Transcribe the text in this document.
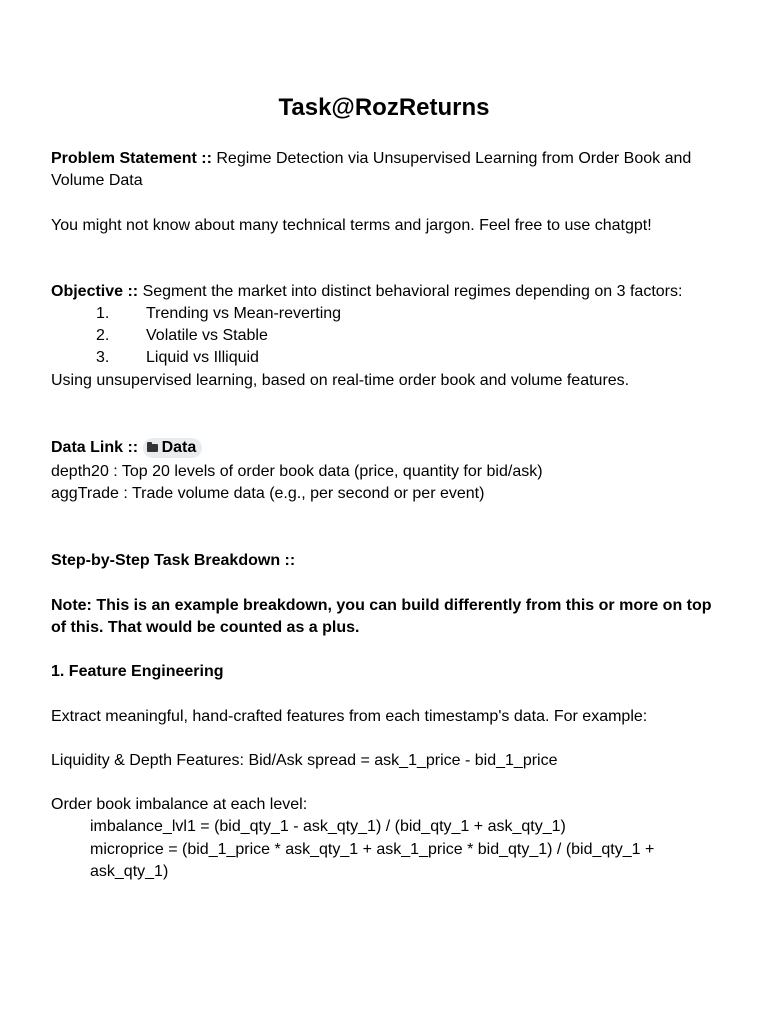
Task@RozReturns
Problem Statement :: Regime Detection via Unsupervised Learning from Order Book and Volume Data
You might not know about many technical terms and jargon. Feel free to use chatgpt!
Objective :: Segment the market into distinct behavioral regimes depending on 3 factors:
1.	Trending vs Mean-reverting
2.	Volatile vs Stable
3.	Liquid vs Illiquid
Using unsupervised learning, based on real-time order book and volume features.
Data Link :: Data
depth20 : Top 20 levels of order book data (price, quantity for bid/ask)
aggTrade : Trade volume data (e.g., per second or per event)
Step-by-Step Task Breakdown ::
Note: This is an example breakdown, you can build differently from this or more on top of this. That would be counted as a plus.
1. Feature Engineering
Extract meaningful, hand-crafted features from each timestamp's data. For example:
Liquidity & Depth Features: Bid/Ask spread = ask_1_price - bid_1_price
Order book imbalance at each level:
imbalance_lvl1 = (bid_qty_1 - ask_qty_1) / (bid_qty_1 + ask_qty_1)
microprice = (bid_1_price * ask_qty_1 + ask_1_price * bid_qty_1) / (bid_qty_1 + ask_qty_1)
